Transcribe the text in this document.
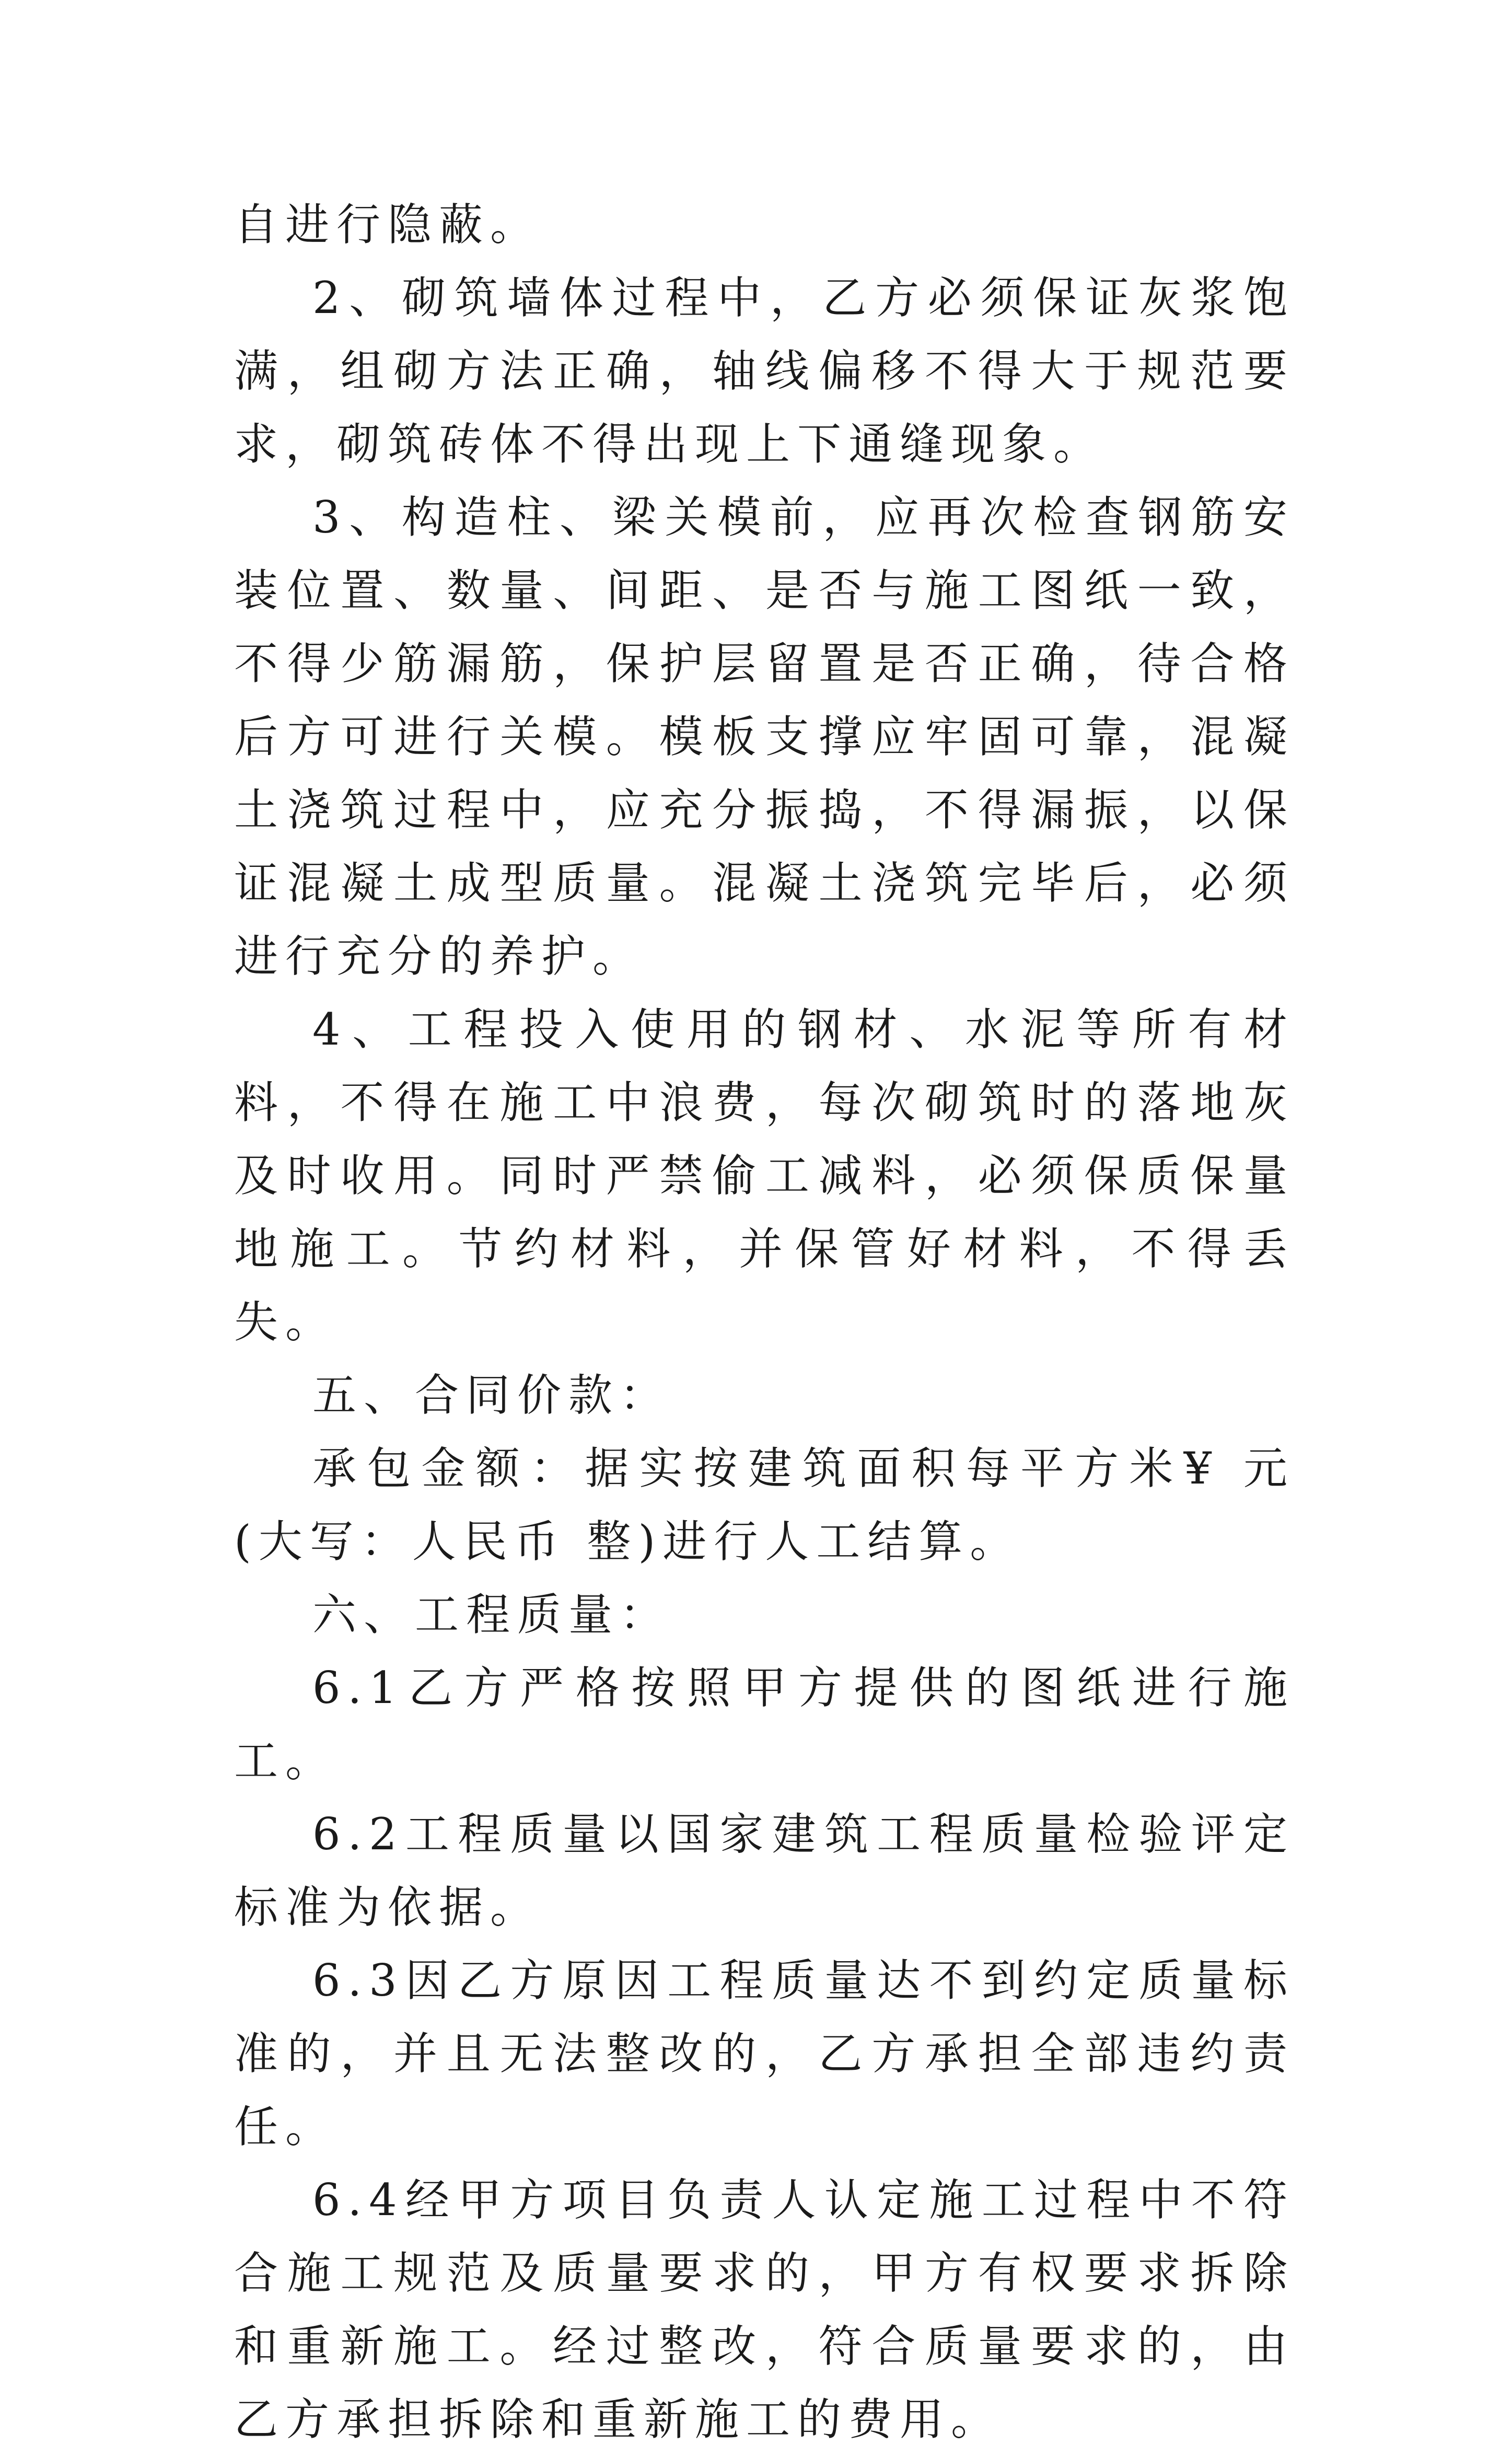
自进行隐蔽。

2、砌筑墙体过程中，乙方必须保证灰浆饱满，组砌方法正确，轴线偏移不得大于规范要求，砌筑砖体不得出现上下通缝现象。

3、构造柱、梁关模前，应再次检查钢筋安装位置、数量、间距、是否与施工图纸一致，不得少筋漏筋，保护层留置是否正确，待合格后方可进行关模。模板支撑应牢固可靠，混凝土浇筑过程中，应充分振捣，不得漏振，以保证混凝土成型质量。混凝土浇筑完毕后，必须进行充分的养护。

4、工程投入使用的钢材、水泥等所有材料，不得在施工中浪费，每次砌筑时的落地灰及时收用。同时严禁偷工减料，必须保质保量地施工。节约材料，并保管好材料，不得丢失。

五、合同价款：

承包金额：据实按建筑面积每平方米¥ 元(大写：人民币 整)进行人工结算。

六、工程质量：

6.1乙方严格按照甲方提供的图纸进行施工。

6.2工程质量以国家建筑工程质量检验评定标准为依据。

6.3因乙方原因工程质量达不到约定质量标准的，并且无法整改的，乙方承担全部违约责任。

6.4经甲方项目负责人认定施工过程中不符合施工规范及质量要求的，甲方有权要求拆除和重新施工。经过整改，符合质量要求的，由乙方承担拆除和重新施工的费用。
